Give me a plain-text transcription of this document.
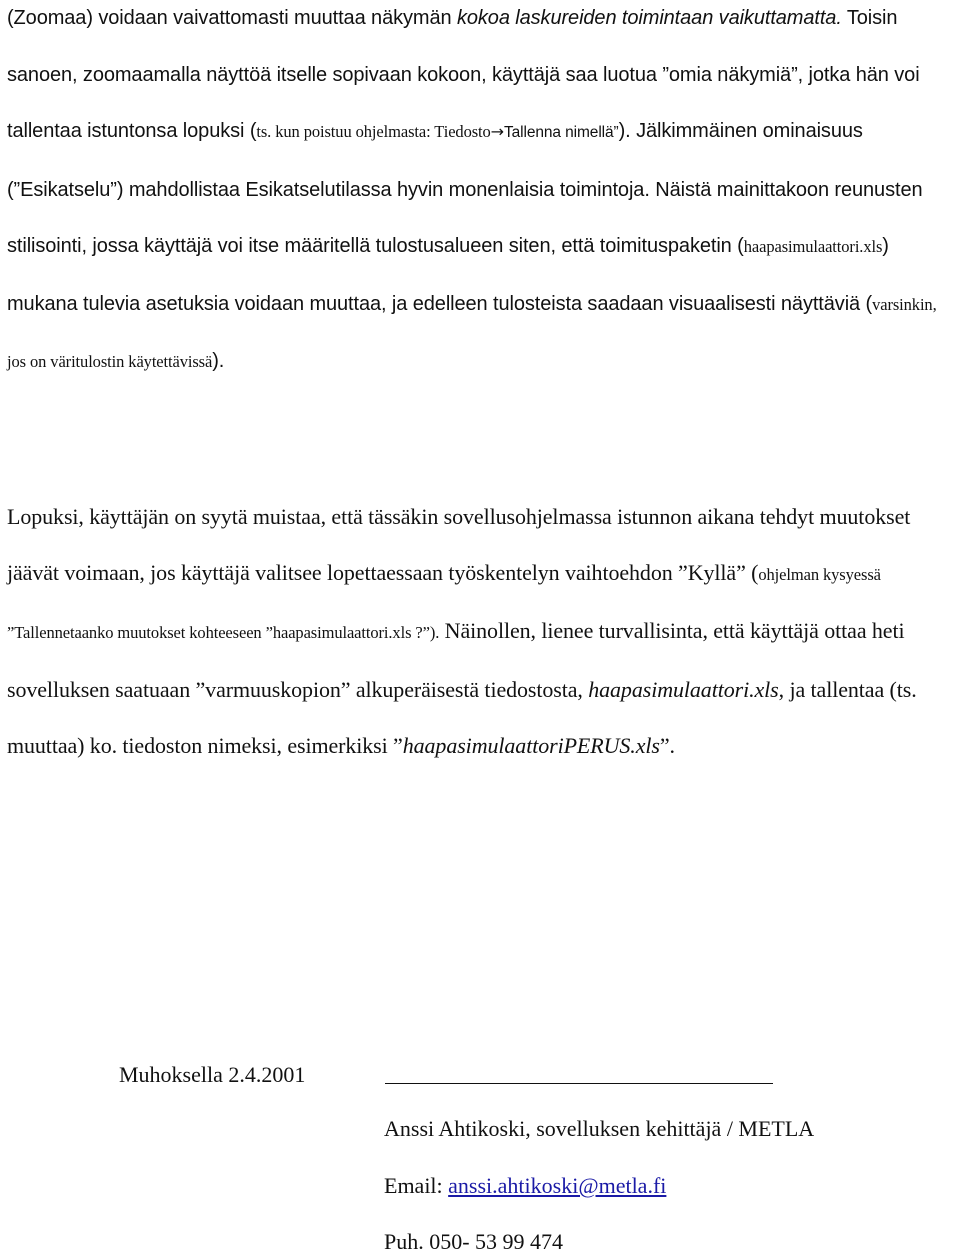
(Zoomaa) voidaan vaivattomasti muuttaa näkymän kokoa laskureiden toimintaan vaikuttamatta. Toisin sanoen, zoomaamalla näyttöä itselle sopivaan kokoon, käyttäjä saa luotua ”omia näkymiä”, jotka hän voi tallentaa istuntonsa lopuksi (ts. kun poistuu ohjelmasta: Tiedosto→Tallenna nimellä”). Jälkimmäinen ominaisuus (”Esikatselu”) mahdollistaa Esikatselutilassa hyvin monenlaisia toimintoja. Näistä mainittakoon reunusten stilisointi, jossa käyttäjä voi itse määritellä tulostusalueen siten, että toimituspaketin (haapasimulaattori.xls) mukana tulevia asetuksia voidaan muuttaa, ja edelleen tulosteista saadaan visuaalisesti näyttäviä (varsinkin, jos on väritulostin käytettävissä).

Lopuksi, käyttäjän on syytä muistaa, että tässäkin sovellusohjelmassa istunnon aikana tehdyt muutokset jäävät voimaan, jos käyttäjä valitsee lopettaessaan työskentelyn vaihtoehdon ”Kyllä” (ohjelman kysyessä ”Tallennetaanko muutokset kohteeseen ”haapasimulaattori.xls ?”). Näinollen, lienee turvallisinta, että käyttäjä ottaa heti sovelluksen saatuaan ”varmuuskopion” alkuperäisestä tiedostosta, haapasimulaattori.xls, ja tallentaa (ts. muuttaa) ko. tiedoston nimeksi, esimerkiksi ”haapasimulaattoriPERUS.xls”.

Muhoksella 2.4.2001

Anssi Ahtikoski, sovelluksen kehittäjä / METLA

Email: anssi.ahtikoski@metla.fi

Puh. 050- 53 99 474
